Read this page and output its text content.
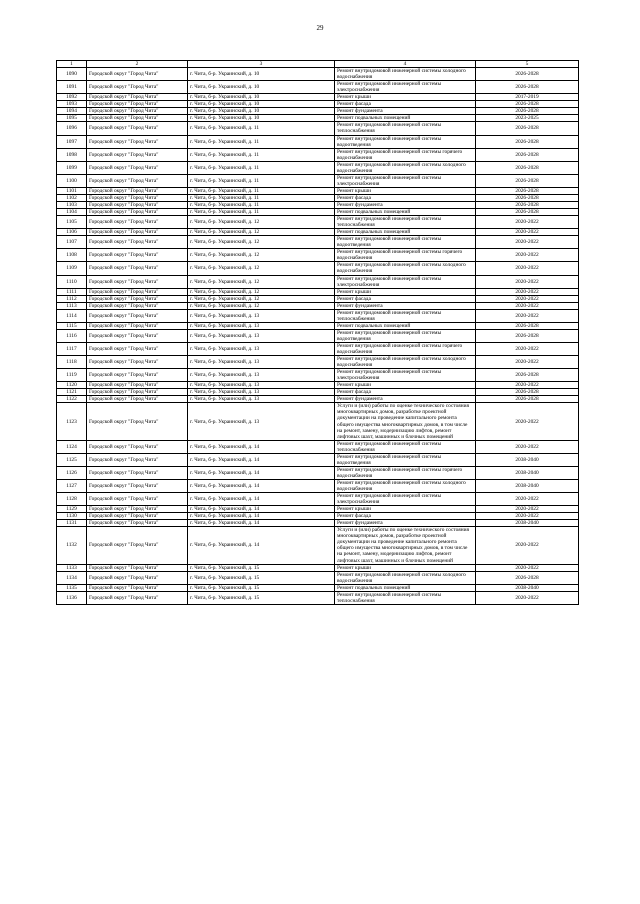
29
1	2	3	4	5
1090	Городской округ "Город Чита"	г. Чита, б-р. Украинский, д. 10	Ремонт внутридомовой инженерной системы холодного водоснабжения	2026-2028
1091	Городской округ "Город Чита"	г. Чита, б-р. Украинский, д. 10	Ремонт внутридомовой инженерной системы электроснабжения	2026-2028
1092	Городской округ "Город Чита"	г. Чита, б-р. Украинский, д. 10	Ремонт крыши	2017-2019
1093	Городской округ "Город Чита"	г. Чита, б-р. Украинский, д. 10	Ремонт фасада	2026-2028
1094	Городской округ "Город Чита"	г. Чита, б-р. Украинский, д. 10	Ремонт фундамента	2026-2028
1095	Городской округ "Город Чита"	г. Чита, б-р. Украинский, д. 10	Ремонт подвальных помещений	2023-2025
1096	Городской округ "Город Чита"	г. Чита, б-р. Украинский, д. 11	Ремонт внутридомовой инженерной системы теплоснабжения	2026-2028
1097	Городской округ "Город Чита"	г. Чита, б-р. Украинский, д. 11	Ремонт внутридомовой инженерной системы водоотведения	2026-2028
1098	Городской округ "Город Чита"	г. Чита, б-р. Украинский, д. 11	Ремонт внутридомовой инженерной системы горячего водоснабжения	2026-2028
1099	Городской округ "Город Чита"	г. Чита, б-р. Украинский, д. 11	Ремонт внутридомовой инженерной системы холодного водоснабжения	2026-2028
1100	Городской округ "Город Чита"	г. Чита, б-р. Украинский, д. 11	Ремонт внутридомовой инженерной системы электроснабжения	2026-2028
1101	Городской округ "Город Чита"	г. Чита, б-р. Украинский, д. 11	Ремонт крыши	2026-2028
1102	Городской округ "Город Чита"	г. Чита, б-р. Украинский, д. 11	Ремонт фасада	2026-2028
1103	Городской округ "Город Чита"	г. Чита, б-р. Украинский, д. 11	Ремонт фундамента	2026-2028
1104	Городской округ "Город Чита"	г. Чита, б-р. Украинский, д. 11	Ремонт подвальных помещений	2026-2028
1105	Городской округ "Город Чита"	г. Чита, б-р. Украинский, д. 12	Ремонт внутридомовой инженерной системы теплоснабжения	2020-2022
1106	Городской округ "Город Чита"	г. Чита, б-р. Украинский, д. 12	Ремонт подвальных помещений	2020-2022
1107	Городской округ "Город Чита"	г. Чита, б-р. Украинский, д. 12	Ремонт внутридомовой инженерной системы водоотведения	2020-2022
1108	Городской округ "Город Чита"	г. Чита, б-р. Украинский, д. 12	Ремонт внутридомовой инженерной системы горячего водоснабжения	2020-2022
1109	Городской округ "Город Чита"	г. Чита, б-р. Украинский, д. 12	Ремонт внутридомовой инженерной системы холодного водоснабжения	2020-2022
1110	Городской округ "Город Чита"	г. Чита, б-р. Украинский, д. 12	Ремонт внутридомовой инженерной системы электроснабжения	2020-2022
1111	Городской округ "Город Чита"	г. Чита, б-р. Украинский, д. 12	Ремонт крыши	2020-2022
1112	Городской округ "Город Чита"	г. Чита, б-р. Украинский, д. 12	Ремонт фасада	2020-2022
1113	Городской округ "Город Чита"	г. Чита, б-р. Украинский, д. 12	Ремонт фундамента	2020-2022
1114	Городской округ "Город Чита"	г. Чита, б-р. Украинский, д. 13	Ремонт внутридомовой инженерной системы теплоснабжения	2020-2022
1115	Городской округ "Город Чита"	г. Чита, б-р. Украинский, д. 13	Ремонт подвальных помещений	2026-2028
1116	Городской округ "Город Чита"	г. Чита, б-р. Украинский, д. 13	Ремонт внутридомовой инженерной системы водоотведения	2026-2028
1117	Городской округ "Город Чита"	г. Чита, б-р. Украинский, д. 13	Ремонт внутридомовой инженерной системы горячего водоснабжения	2020-2022
1118	Городской округ "Город Чита"	г. Чита, б-р. Украинский, д. 13	Ремонт внутридомовой инженерной системы холодного водоснабжения	2020-2022
1119	Городской округ "Город Чита"	г. Чита, б-р. Украинский, д. 13	Ремонт внутридомовой инженерной системы электроснабжения	2026-2028
1120	Городской округ "Город Чита"	г. Чита, б-р. Украинский, д. 13	Ремонт крыши	2020-2022
1121	Городской округ "Город Чита"	г. Чита, б-р. Украинский, д. 13	Ремонт фасада	2026-2028
1122	Городской округ "Город Чита"	г. Чита, б-р. Украинский, д. 13	Ремонт фундамента	2026-2028
1123	Городской округ "Город Чита"	г. Чита, б-р. Украинский, д. 13	Услуги и (или) работы по оценке технического состояния многоквартирных домов, разработке проектной документации на проведение капитального ремонта общего имущества многоквартирных домов, в том числе на ремонт, замену, модернизацию лифтов, ремонт лифтовых шахт, машинных и блочных помещений	2020-2022
1124	Городской округ "Город Чита"	г. Чита, б-р. Украинский, д. 14	Ремонт внутридомовой инженерной системы теплоснабжения	2020-2022
1125	Городской округ "Город Чита"	г. Чита, б-р. Украинский, д. 14	Ремонт внутридомовой инженерной системы водоотведения	2038-2040
1126	Городской округ "Город Чита"	г. Чита, б-р. Украинский, д. 14	Ремонт внутридомовой инженерной системы горячего водоснабжения	2038-2040
1127	Городской округ "Город Чита"	г. Чита, б-р. Украинский, д. 14	Ремонт внутридомовой инженерной системы холодного водоснабжения	2038-2040
1128	Городской округ "Город Чита"	г. Чита, б-р. Украинский, д. 14	Ремонт внутридомовой инженерной системы электроснабжения	2020-2022
1129	Городской округ "Город Чита"	г. Чита, б-р. Украинский, д. 14	Ремонт крыши	2020-2022
1130	Городской округ "Город Чита"	г. Чита, б-р. Украинский, д. 14	Ремонт фасада	2020-2022
1131	Городской округ "Город Чита"	г. Чита, б-р. Украинский, д. 14	Ремонт фундамента	2038-2040
1132	Городской округ "Город Чита"	г. Чита, б-р. Украинский, д. 14	Услуги и (или) работы по оценке технического состояния многоквартирных домов, разработке проектной документации на проведение капитального ремонта общего имущества многоквартирных домов, в том числе на ремонт, замену, модернизацию лифтов, ремонт лифтовых шахт, машинных и блочных помещений	2020-2022
1133	Городской округ "Город Чита"	г. Чита, б-р. Украинский, д. 15	Ремонт крыши	2020-2022
1134	Городской округ "Город Чита"	г. Чита, б-р. Украинский, д. 15	Ремонт внутридомовой инженерной системы холодного водоснабжения	2026-2028
1135	Городской округ "Город Чита"	г. Чита, б-р. Украинский, д. 15	Ремонт подвальных помещений	2038-2040
1136	Городской округ "Город Чита"	г. Чита, б-р. Украинский, д. 15	Ремонт внутридомовой инженерной системы теплоснабжения	2020-2022
